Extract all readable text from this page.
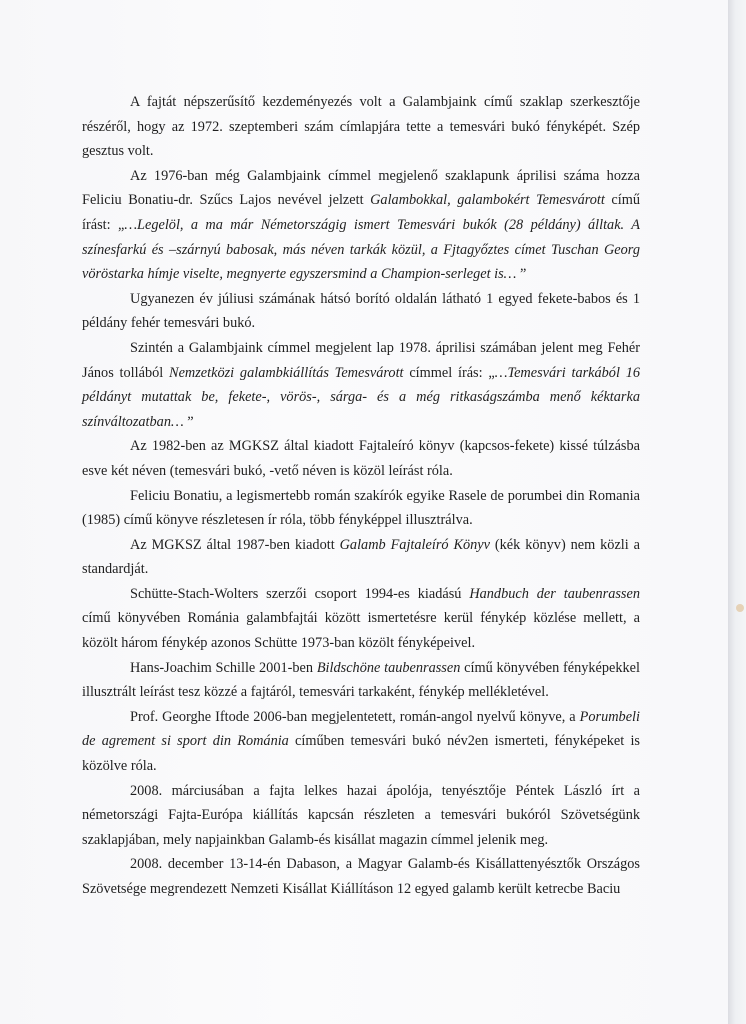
A fajtát népszerűsítő kezdeményezés volt a Galambjaink című szaklap szerkesztője részéről, hogy az 1972. szeptemberi szám címlapjára tette a temesvári bukó fényképét. Szép gesztus volt.

Az 1976-ban még Galambjaink címmel megjelenő szaklapunk áprilisi száma hozza Feliciu Bonatiu-dr. Szűcs Lajos nevével jelzett Galambokkal, galambokért Temesvárott című írást: „…Legelöl, a ma már Németországig ismert Temesvári bukók (28 példány) álltak. A színesfarkú és –szárnyú babosak, más néven tarkák közül, a Fjtagyőztes címet Tuschan Georg vöröstarka hímje viselte, megnyerte egyszersmind a Champion-serleget is… ”

Ugyanezen év júliusi számának hátsó borító oldalán látható 1 egyed fekete-babos és 1 példány fehér temesvári bukó.

Szintén a Galambjaink címmel megjelent lap 1978. áprilisi számában jelent meg Fehér János tollából Nemzetközi galambkiállítás Temesvárott címmel írás: „…Temesvári tarkából 16 példányt mutattak be, fekete-, vörös-, sárga- és a még ritkaságszámba menő kéktarka színváltozatban… ”

Az 1982-ben az MGKSZ által kiadott Fajtaleíró könyv (kapcsos-fekete) kissé túlzásba esve két néven (temesvári bukó, -vető néven is közöl leírást róla.

Feliciu Bonatiu, a legismertebb román szakírók egyike Rasele de porumbei din Romania (1985) című könyve részletesen ír róla, több fényképpel illusztrálva.

Az MGKSZ által 1987-ben kiadott Galamb Fajtaleíró Könyv (kék könyv) nem közli a standardját.

Schütte-Stach-Wolters szerzői csoport 1994-es kiadású Handbuch der taubenrassen című könyvében Románia galambfajtái között ismertetésre kerül fénykép közlése mellett, a közölt három fénykép azonos Schütte 1973-ban közölt fényképeivel.

Hans-Joachim Schille 2001-ben Bildschöne taubenrassen című könyvében fényképekkel illusztrált leírást tesz közzé a fajtáról, temesvári tarkaként, fénykép mellékletével.

Prof. Georghe Iftode 2006-ban megjelentetett, román-angol nyelvű könyve, a Porumbeli de agrement si sport din Románia címűben temesvári bukó név2en ismerteti, fényképeket is közölve róla.

2008. márciusában a fajta lelkes hazai ápolója, tenyésztője Péntek László írt a németországi Fajta-Európa kiállítás kapcsán részleten a temesvári bukóról Szövetségünk szaklapjában, mely napjainkban Galamb-és kisállat magazin címmel jelenik meg.

2008. december 13-14-én Dabason, a Magyar Galamb-és Kisállattenyésztők Országos Szövetsége megrendezett Nemzeti Kisállat Kiállításon 12 egyed galamb került ketrecbe Baciu
